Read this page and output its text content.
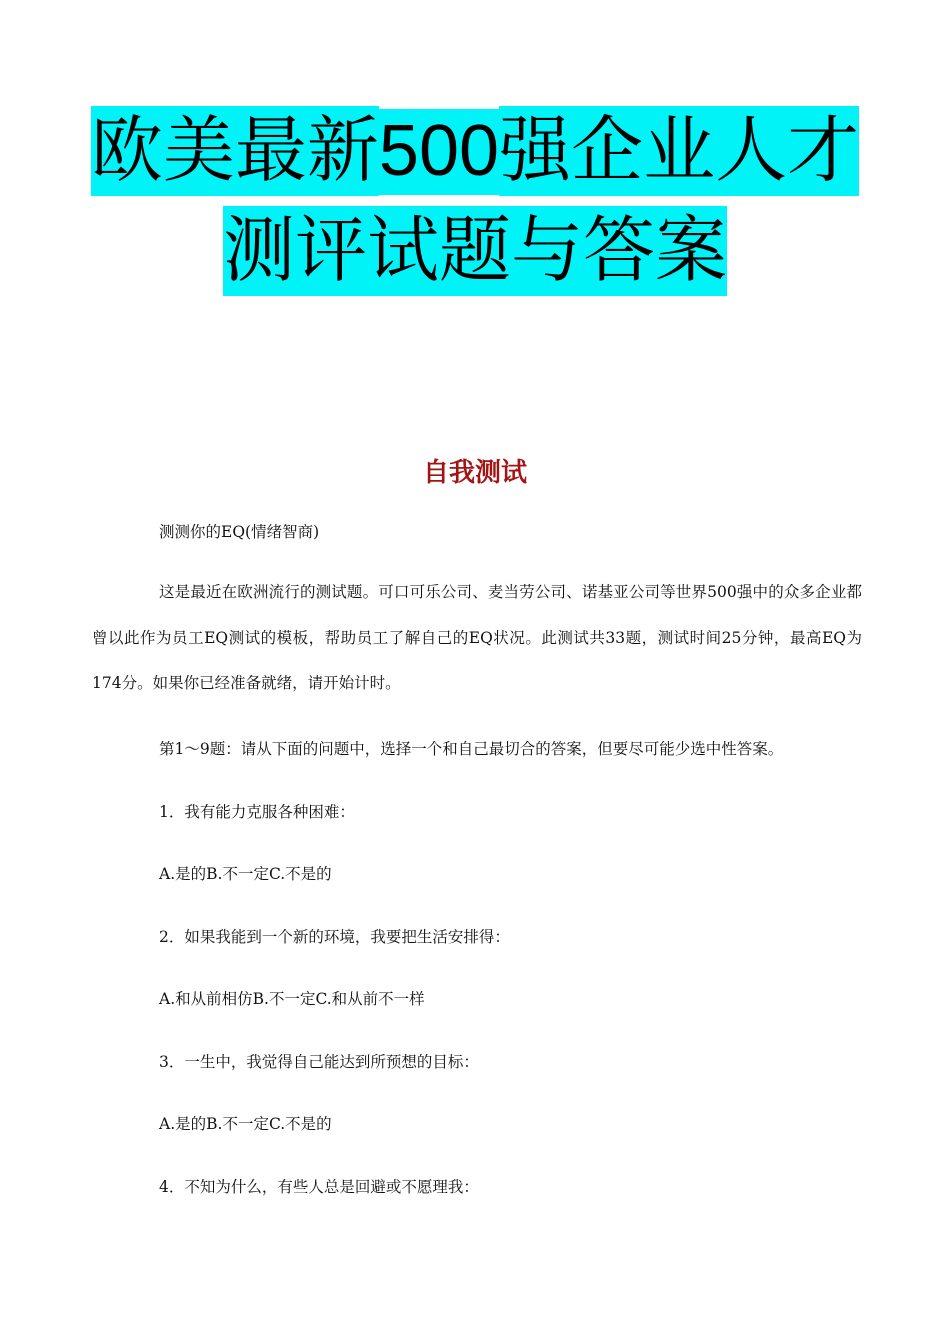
欧美最新500强企业人才
测评试题与答案
自我测试
测测你的EQ(情绪智商)
这是最近在欧洲流行的测试题。可口可乐公司、麦当劳公司、诺基亚公司等世界500强中的众多企业都曾以此作为员工EQ测试的模板，帮助员工了解自己的EQ状况。此测试共33题，测试时间25分钟，最高EQ为174分。如果你已经准备就绪，请开始计时。
第1～9题：请从下面的问题中，选择一个和自己最切合的答案，但要尽可能少选中性答案。
1．我有能力克服各种困难：
A.是的B.不一定C.不是的
2．如果我能到一个新的环境，我要把生活安排得：
A.和从前相仿B.不一定C.和从前不一样
3．一生中，我觉得自己能达到所预想的目标：
A.是的B.不一定C.不是的
4．不知为什么，有些人总是回避或不愿理我：
